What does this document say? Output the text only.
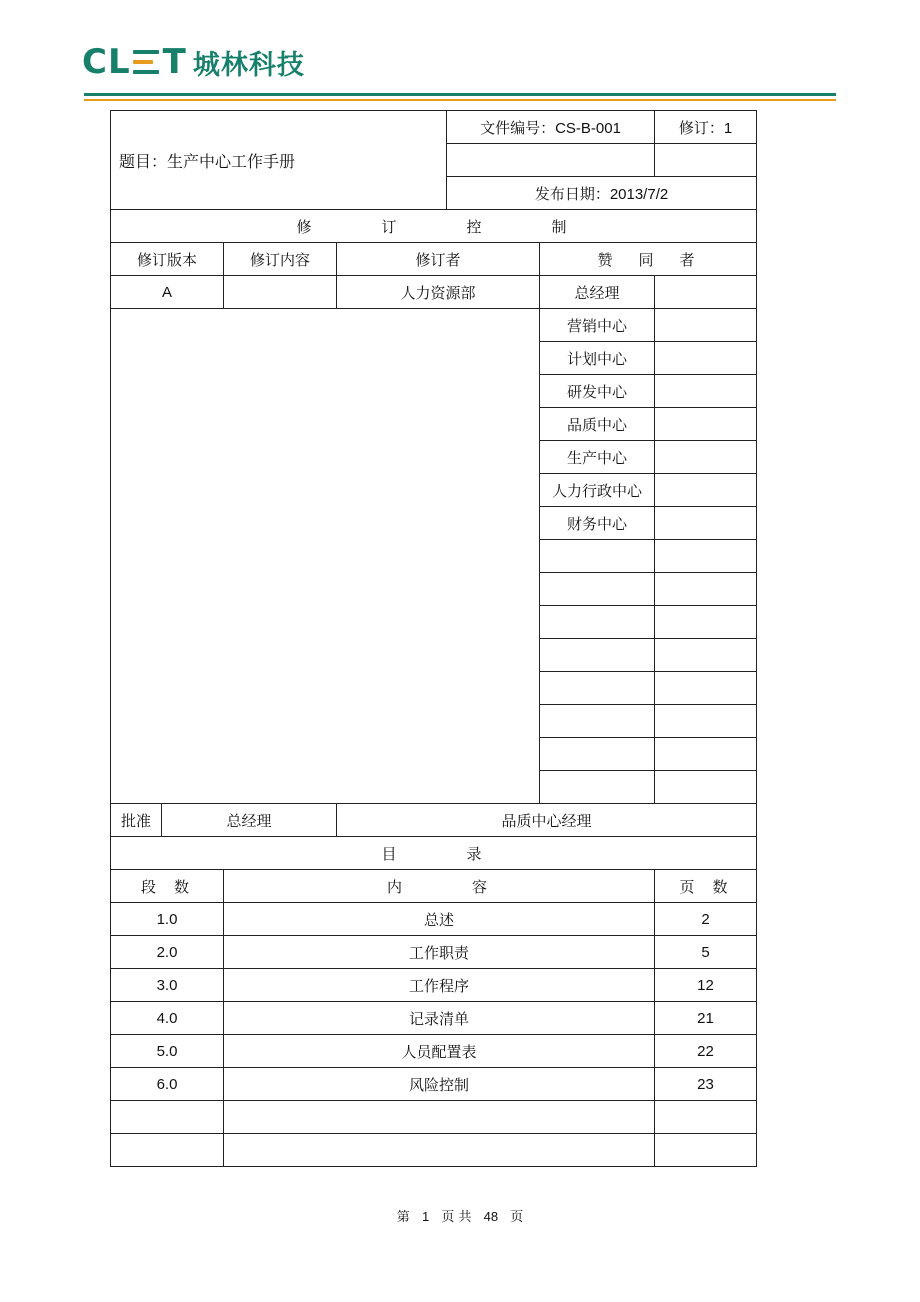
CL T 城林科技
题目：生产中心工作手册				文件编号：CS-B-001		修订：1

				发布日期：2013/7/2		
修订控制						
修订版本		修订内容	修订者		赞同者	
A			人力资源部		总经理	
					营销中心	
					计划中心	
					研发中心	
					品质中心	
					生产中心	
					人力行政中心	
					财务中心	

批准	总经理		品质中心经理			
目录						
段数		内容				页数
1.0		总述				2
2.0		工作职责				5
3.0		工作程序				12
4.0		记录清单				21
5.0		人员配置表				22
6.0		风险控制				23

第 1 页 共 48 页
